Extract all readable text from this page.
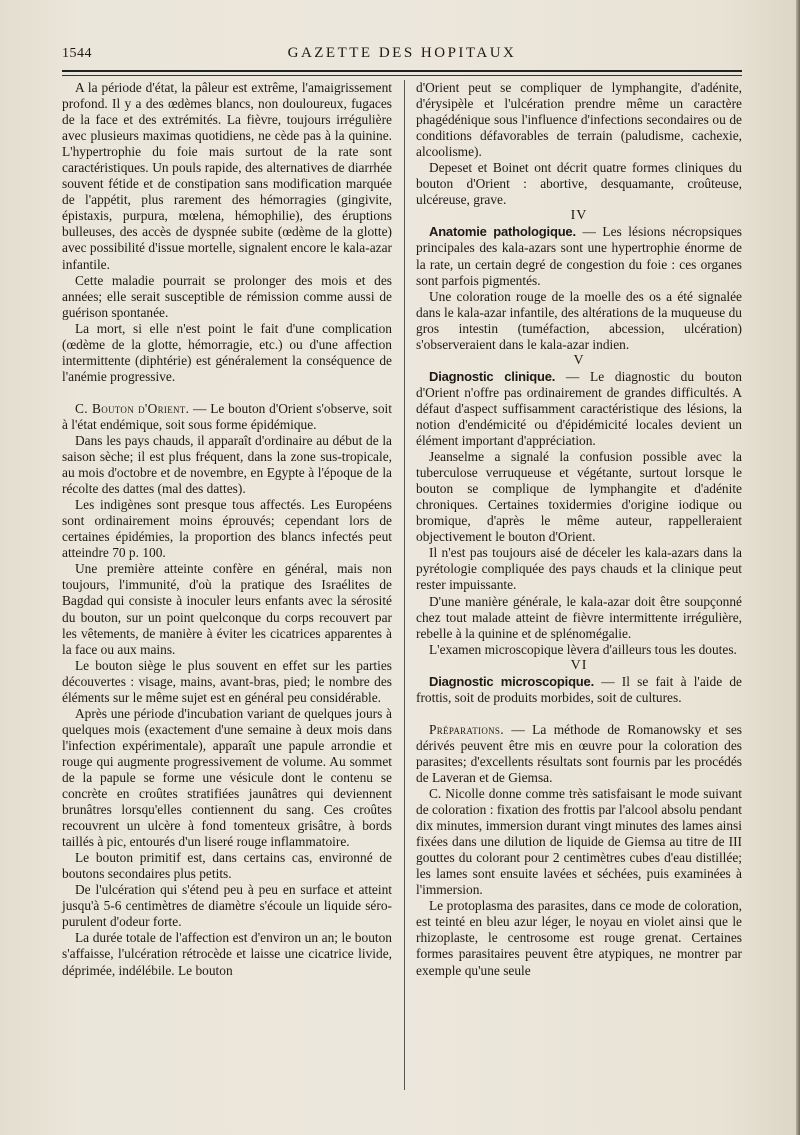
1544	GAZETTE DES HOPITAUX

A la période d'état, la pâleur est extrême, l'amaigrissement profond. Il y a des œdèmes blancs, non douloureux, fugaces de la face et des extrémités. La fièvre, toujours irrégulière avec plusieurs maximas quotidiens, ne cède pas à la quinine. L'hypertrophie du foie mais surtout de la rate sont caractéristiques. Un pouls rapide, des alternatives de diarrhée souvent fétide et de constipation sans modification marquée de l'appétit, plus rarement des hémorragies (gingivite, épistaxis, purpura, mœlena, hémophilie), des éruptions bulleuses, des accès de dyspnée subite (œdème de la glotte) avec possibilité d'issue mortelle, signalent encore le kala-azar infantile.

Cette maladie pourrait se prolonger des mois et des années; elle serait susceptible de rémission comme aussi de guérison spontanée.

La mort, si elle n'est point le fait d'une complication (œdème de la glotte, hémorragie, etc.) ou d'une affection intermittente (diphtérie) est généralement la conséquence de l'anémie progressive.

C. Bouton d'Orient. — Le bouton d'Orient s'observe, soit à l'état endémique, soit sous forme épidémique.

Dans les pays chauds, il apparaît d'ordinaire au début de la saison sèche; il est plus fréquent, dans la zone sus-tropicale, au mois d'octobre et de novembre, en Egypte à l'époque de la récolte des dattes (mal des dattes).

Les indigènes sont presque tous affectés. Les Européens sont ordinairement moins éprouvés; cependant lors de certaines épidémies, la proportion des blancs infectés peut atteindre 70 p. 100.

Une première atteinte confère en général, mais non toujours, l'immunité, d'où la pratique des Israélites de Bagdad qui consiste à inoculer leurs enfants avec la sérosité du bouton, sur un point quelconque du corps recouvert par les vêtements, de manière à éviter les cicatrices apparentes à la face ou aux mains.

Le bouton siège le plus souvent en effet sur les parties découvertes : visage, mains, avant-bras, pied; le nombre des éléments sur le même sujet est en général peu considérable.

Après une période d'incubation variant de quelques jours à quelques mois (exactement d'une semaine à deux mois dans l'infection expérimentale), apparaît une papule arrondie et rouge qui augmente progressivement de volume. Au sommet de la papule se forme une vésicule dont le contenu se concrète en croûtes stratifiées jaunâtres qui deviennent brunâtres lorsqu'elles contiennent du sang. Ces croûtes recouvrent un ulcère à fond tomenteux grisâtre, à bords taillés à pic, entourés d'un liseré rouge inflammatoire.

Le bouton primitif est, dans certains cas, environné de boutons secondaires plus petits.

De l'ulcération qui s'étend peu à peu en surface et atteint jusqu'à 5-6 centimètres de diamètre s'écoule un liquide séro-purulent d'odeur forte.

La durée totale de l'affection est d'environ un an; le bouton s'affaisse, l'ulcération rétrocède et laisse une cicatrice livide, déprimée, indélébile. Le bouton

d'Orient peut se compliquer de lymphangite, d'adénite, d'érysipèle et l'ulcération prendre même un caractère phagédénique sous l'influence d'infections secondaires ou de conditions défavorables de terrain (paludisme, cachexie, alcoolisme).

Depeset et Boinet ont décrit quatre formes cliniques du bouton d'Orient : abortive, desquamante, croûteuse, ulcéreuse, grave.

IV

Anatomie pathologique. — Les lésions nécropsiques principales des kala-azars sont une hypertrophie énorme de la rate, un certain degré de congestion du foie : ces organes sont parfois pigmentés.

Une coloration rouge de la moelle des os a été signalée dans le kala-azar infantile, des altérations de la muqueuse du gros intestin (tuméfaction, abcession, ulcération) s'observeraient dans le kala-azar indien.

V

Diagnostic clinique. — Le diagnostic du bouton d'Orient n'offre pas ordinairement de grandes difficultés. A défaut d'aspect suffisamment caractéristique des lésions, la notion d'endémicité ou d'épidémicité locales devient un élément important d'appréciation.

Jeanselme a signalé la confusion possible avec la tuberculose verruqueuse et végétante, surtout lorsque le bouton se complique de lymphangite et d'adénite chroniques. Certaines toxidermies d'origine iodique ou bromique, d'après le même auteur, rappelleraient objectivement le bouton d'Orient.

Il n'est pas toujours aisé de déceler les kala-azars dans la pyrétologie compliquée des pays chauds et la clinique peut rester impuissante.

D'une manière générale, le kala-azar doit être soupçonné chez tout malade atteint de fièvre intermittente irrégulière, rebelle à la quinine et de splénomégalie.

L'examen microscopique lèvera d'ailleurs tous les doutes.

VI

Diagnostic microscopique. — Il se fait à l'aide de frottis, soit de produits morbides, soit de cultures.

Préparations. — La méthode de Romanowsky et ses dérivés peuvent être mis en œuvre pour la coloration des parasites; d'excellents résultats sont fournis par les procédés de Laveran et de Giemsa.

C. Nicolle donne comme très satisfaisant le mode suivant de coloration : fixation des frottis par l'alcool absolu pendant dix minutes, immersion durant vingt minutes des lames ainsi fixées dans une dilution de liquide de Giemsa au titre de III gouttes du colorant pour 2 centimètres cubes d'eau distillée; les lames sont ensuite lavées et séchées, puis examinées à l'immersion.

Le protoplasma des parasites, dans ce mode de coloration, est teinté en bleu azur léger, le noyau en violet ainsi que le rhizoplaste, le centrosome est rouge grenat. Certaines formes parasitaires peuvent être atypiques, ne montrer par exemple qu'une seule
